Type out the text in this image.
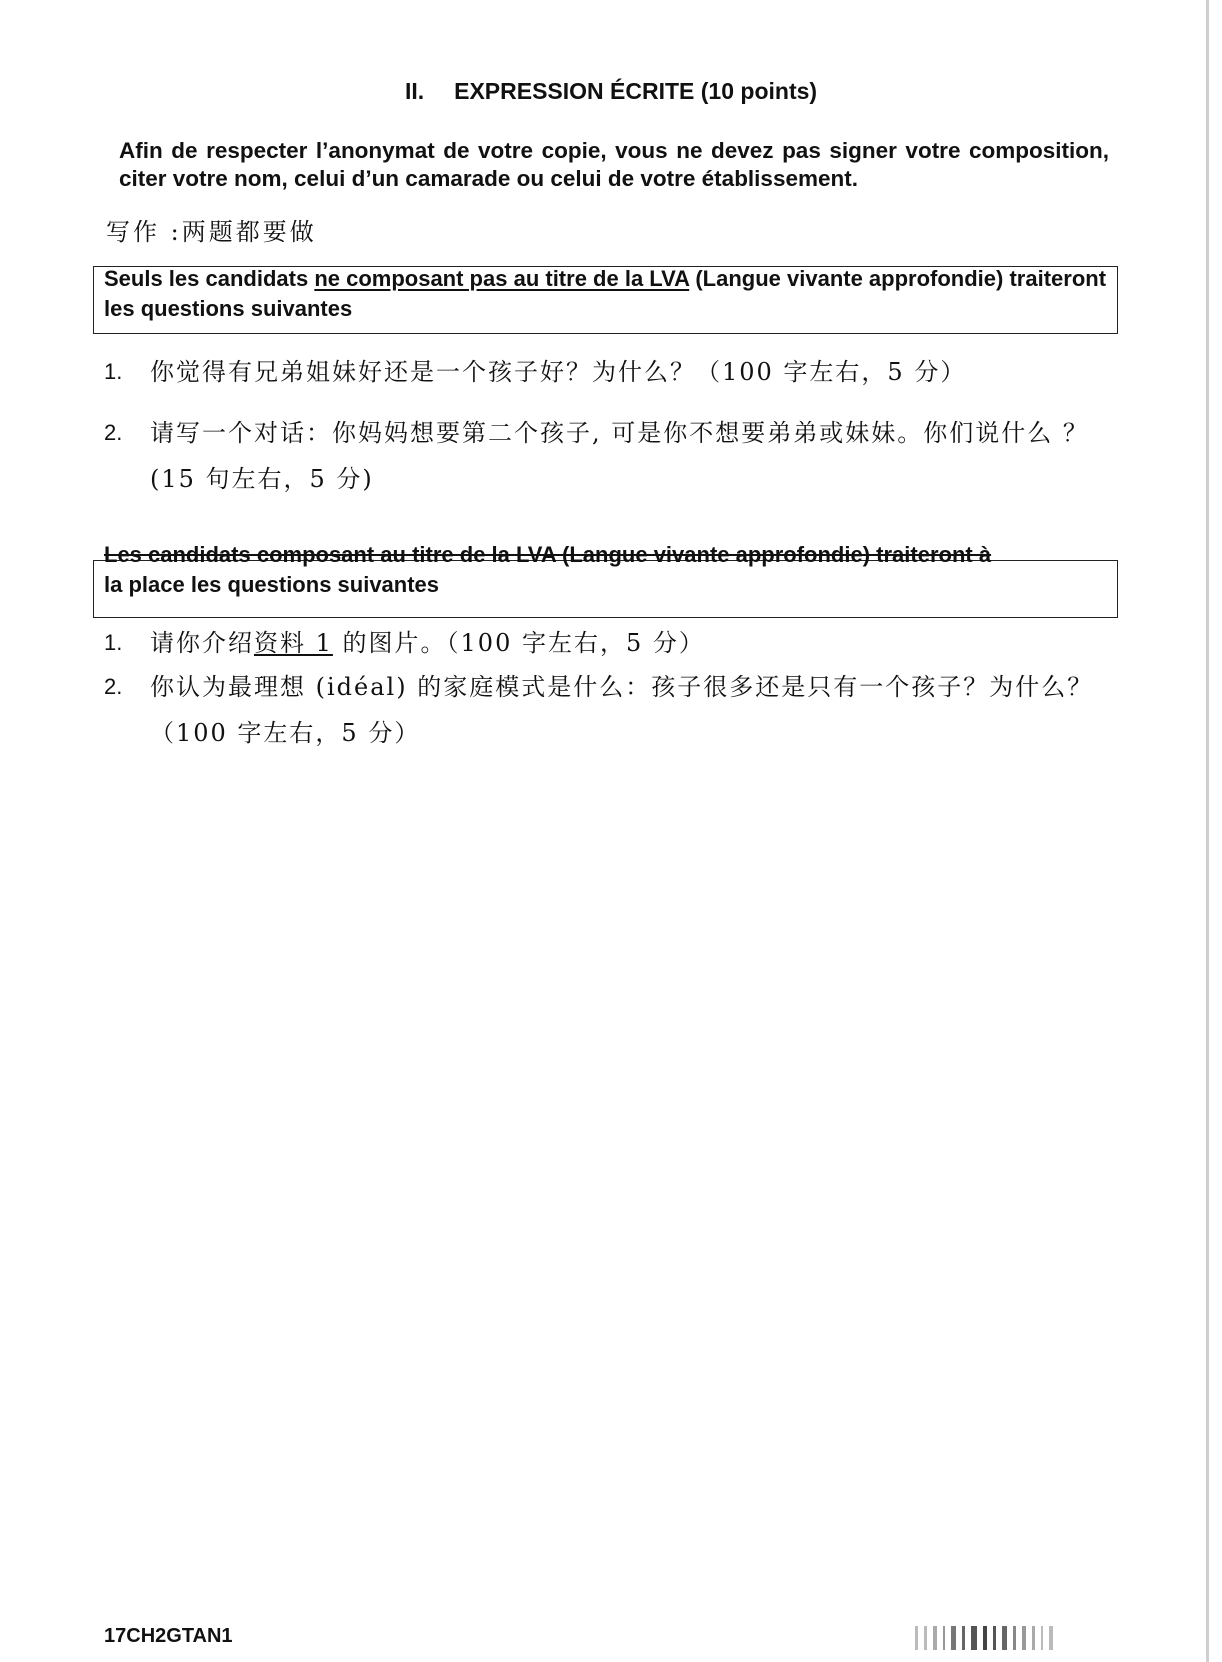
II. EXPRESSION ÉCRITE (10 points)
Afin de respecter l’anonymat de votre copie, vous ne devez pas signer votre composition, citer votre nom, celui d’un camarade ou celui de votre établissement.
写作 :两题都要做
Seuls les candidats ne composant pas au titre de la LVA (Langue vivante approfondie) traiteront les questions suivantes
1. 你觉得有兄弟姐妹好还是一个孩子好？为什么？（100 字左右，5 分）
2. 请写一个对话：你妈妈想要第二个孩子, 可是你不想要弟弟或妹妹。你们说什么 ？(15 句左右，5 分)
Les candidats composant au titre de la LVA (Langue vivante approfondie) traiteront à
la place les questions suivantes
1. 请你介绍资料 1 的图片。（100 字左右，5 分）
2. 你认为最理想 (idéal) 的家庭模式是什么：孩子很多还是只有一个孩子？为什么？（100 字左右，5 分）
17CH2GTAN1
